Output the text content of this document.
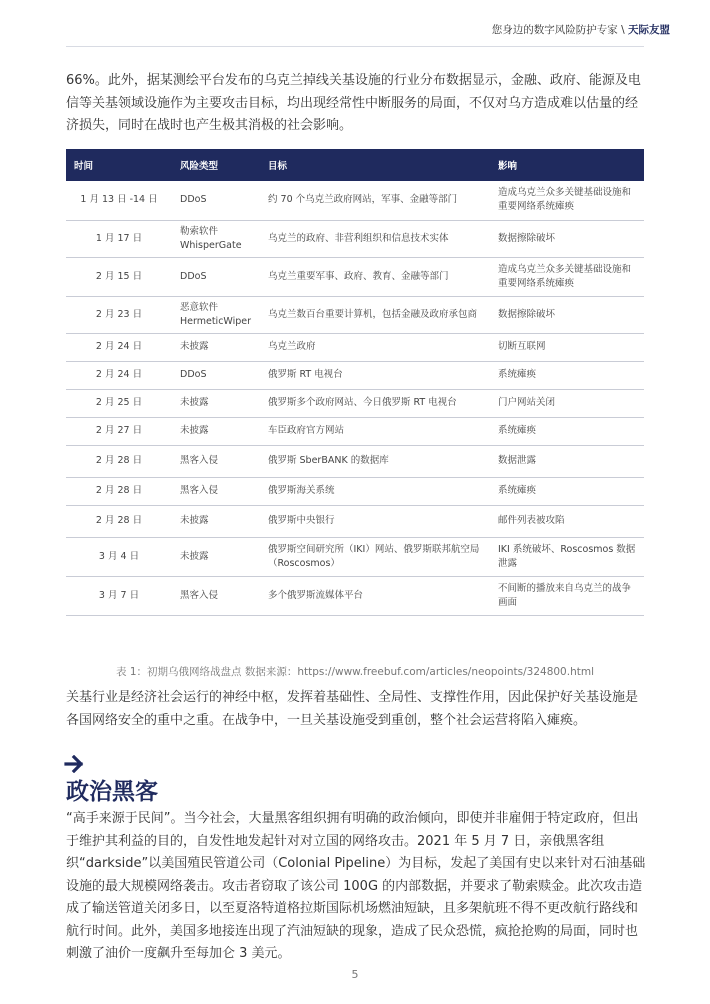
您身边的数字风险防护专家 \ 天际友盟
66%。此外，据某测绘平台发布的乌克兰掉线关基设施的行业分布数据显示，金融、政府、能源及电信等关基领域设施作为主要攻击目标，均出现经常性中断服务的局面，不仅对乌方造成难以估量的经济损失，同时在战时也产生极其消极的社会影响。
时间	风险类型	目标	影响
1 月 13 日 -14 日	DDoS	约 70 个乌克兰政府网站，军事、金融等部门	造成乌克兰众多关键基础设施和重要网络系统瘫痪
1 月 17 日	勒索软件 WhisperGate	乌克兰的政府、非营利组织和信息技术实体	数据擦除破坏
2 月 15 日	DDoS	乌克兰重要军事、政府、教育、金融等部门	造成乌克兰众多关键基础设施和重要网络系统瘫痪
2 月 23 日	恶意软件 HermeticWiper	乌克兰数百台重要计算机，包括金融及政府承包商	数据擦除破坏
2 月 24 日	未披露	乌克兰政府	切断互联网
2 月 24 日	DDoS	俄罗斯 RT 电视台	系统瘫痪
2 月 25 日	未披露	俄罗斯多个政府网站、今日俄罗斯 RT 电视台	门户网站关闭
2 月 27 日	未披露	车臣政府官方网站	系统瘫痪
2 月 28 日	黑客入侵	俄罗斯 SberBANK 的数据库	数据泄露
2 月 28 日	黑客入侵	俄罗斯海关系统	系统瘫痪
2 月 28 日	未披露	俄罗斯中央银行	邮件列表被攻陷
3 月 4 日	未披露	俄罗斯空间研究所（IKI）网站、俄罗斯联邦航空局（Roscosmos）	IKI 系统破坏、Roscosmos 数据泄露
3 月 7 日	黑客入侵	多个俄罗斯流媒体平台	不间断的播放来自乌克兰的战争画面
表 1：初期乌俄网络战盘点 数据来源：https://www.freebuf.com/articles/neopoints/324800.html
关基行业是经济社会运行的神经中枢，发挥着基础性、全局性、支撑性作用，因此保护好关基设施是各国网络安全的重中之重。在战争中，一旦关基设施受到重创，整个社会运营将陷入瘫痪。
政治黑客
“高手来源于民间”。当今社会，大量黑客组织拥有明确的政治倾向，即使并非雇佣于特定政府，但出于维护其利益的目的，自发性地发起针对对立国的网络攻击。2021 年 5 月 7 日，亲俄黑客组织“darkside”以美国殖民管道公司（Colonial Pipeline）为目标，发起了美国有史以来针对石油基础设施的最大规模网络袭击。攻击者窃取了该公司 100G 的内部数据，并要求了勒索赎金。此次攻击造成了输送管道关闭多日，以至夏洛特道格拉斯国际机场燃油短缺，且多架航班不得不更改航行路线和航行时间。此外，美国多地接连出现了汽油短缺的现象，造成了民众恐慌，疯抢抢购的局面，同时也刺激了油价一度飙升至每加仑 3 美元。
5
